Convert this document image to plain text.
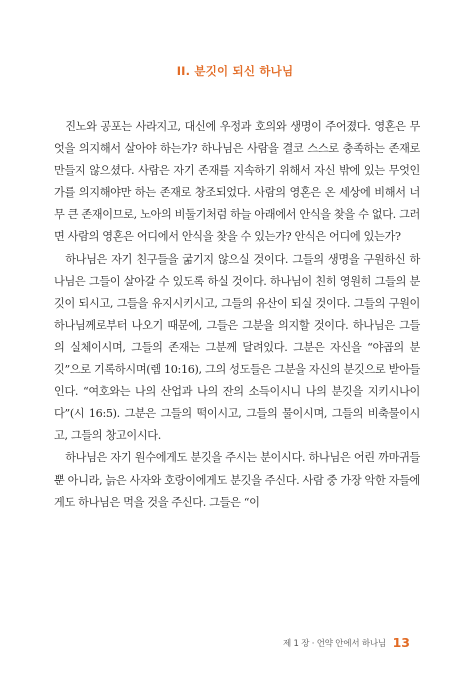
II. 분깃이 되신 하나님

진노와 공포는 사라지고, 대신에 우정과 호의와 생명이 주어졌다. 영혼은 무엇을 의지해서 살아야 하는가? 하나님은 사람을 결코 스스로 충족하는 존재로 만들지 않으셨다. 사람은 자기 존재를 지속하기 위해서 자신 밖에 있는 무엇인가를 의지해야만 하는 존재로 창조되었다. 사람의 영혼은 온 세상에 비해서 너무 큰 존재이므로, 노아의 비둘기처럼 하늘 아래에서 안식을 찾을 수 없다. 그러면 사람의 영혼은 어디에서 안식을 찾을 수 있는가? 안식은 어디에 있는가?

하나님은 자기 친구들을 굶기지 않으실 것이다. 그들의 생명을 구원하신 하나님은 그들이 살아갈 수 있도록 하실 것이다. 하나님이 친히 영원히 그들의 분깃이 되시고, 그들을 유지시키시고, 그들의 유산이 되실 것이다. 그들의 구원이 하나님께로부터 나오기 때문에, 그들은 그분을 의지할 것이다. 하나님은 그들의 실체이시며, 그들의 존재는 그분께 달려있다. 그분은 자신을 “야곱의 분깃”으로 기록하시며(렘 10:16), 그의 성도들은 그분을 자신의 분깃으로 받아들인다. “여호와는 나의 산업과 나의 잔의 소득이시니 나의 분깃을 지키시나이다”(시 16:5). 그분은 그들의 떡이시고, 그들의 물이시며, 그들의 비축물이시고, 그들의 창고이시다.

하나님은 자기 원수에게도 분깃을 주시는 분이시다. 하나님은 어린 까마귀들뿐 아니라, 늙은 사자와 호랑이에게도 분깃을 주신다. 사람 중 가장 악한 자들에게도 하나님은 먹을 것을 주신다. 그들은 “이

제 1 장 · 언약 안에서 하나님 13
